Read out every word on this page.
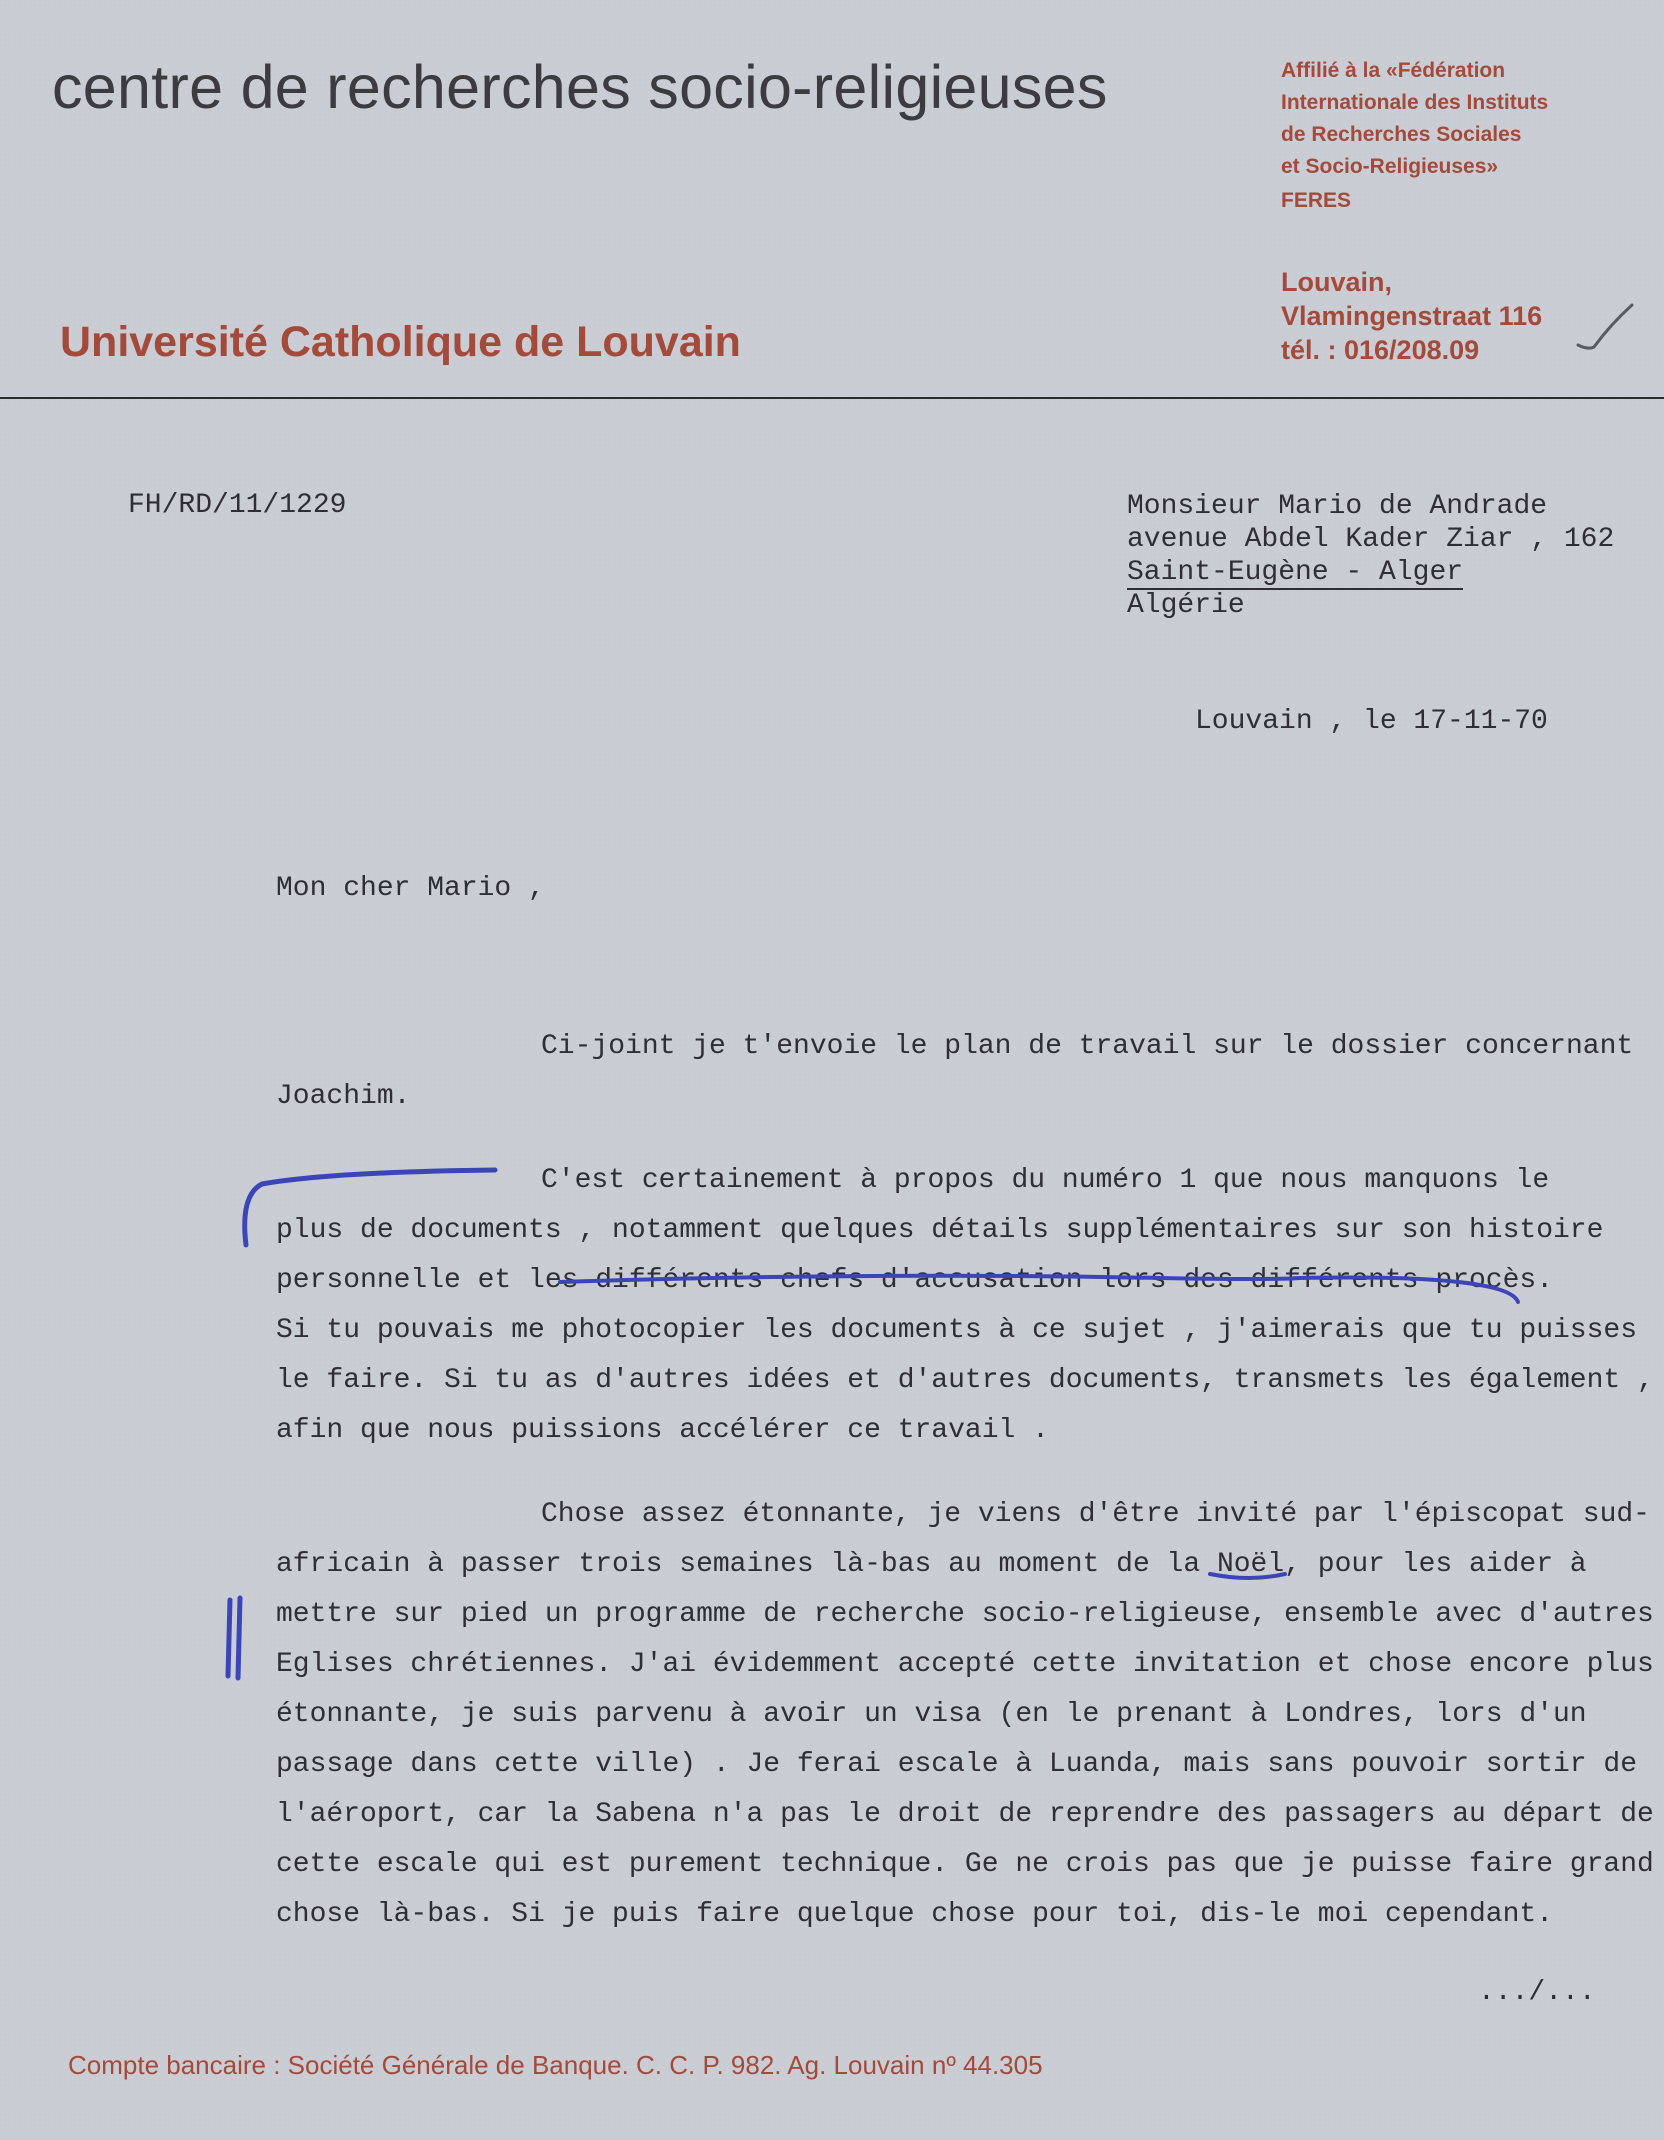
centre de recherches socio-religieuses
Université Catholique de Louvain
Affilié à la «Fédération
Internationale des Instituts
de Recherches Sociales
et Socio-Religieuses»
FERES
Louvain,
Vlamingenstraat 116
tél. : 016/208.09
FH/RD/11/1229	Monsieur Mario de Andrade
avenue Abdel Kader Ziar , 162
Saint-Eugène - Alger
Algérie
Louvain , le 17-11-70
Mon cher Mario ,
Ci-joint je t'envoie le plan de travail sur le dossier concernant
Joachim.
C'est certainement à propos du numéro 1 que nous manquons le
plus de documents , notamment quelques détails supplémentaires sur son histoire
personnelle et les différents chefs d'accusation lors des différents procès.
Si tu pouvais me photocopier les documents à ce sujet , j'aimerais que tu puisses
le faire. Si tu as d'autres idées et d'autres documents, transmets les également ,
afin que nous puissions accélérer ce travail .
Chose assez étonnante, je viens d'être invité par l'épiscopat sud-
africain à passer trois semaines là-bas au moment de la Noël, pour les aider à
mettre sur pied un programme de recherche socio-religieuse, ensemble avec d'autres
Eglises chrétiennes. J'ai évidemment accepté cette invitation et chose encore plus
étonnante, je suis parvenu à avoir un visa (en le prenant à Londres, lors d'un
passage dans cette ville) . Je ferai escale à Luanda, mais sans pouvoir sortir de
l'aéroport, car la Sabena n'a pas le droit de reprendre des passagers au départ de
cette escale qui est purement technique. Ge ne crois pas que je puisse faire grand
chose là-bas. Si je puis faire quelque chose pour toi, dis-le moi cependant.
.../...
Compte bancaire : Société Générale de Banque. C. C. P. 982. Ag. Louvain nº 44.305
